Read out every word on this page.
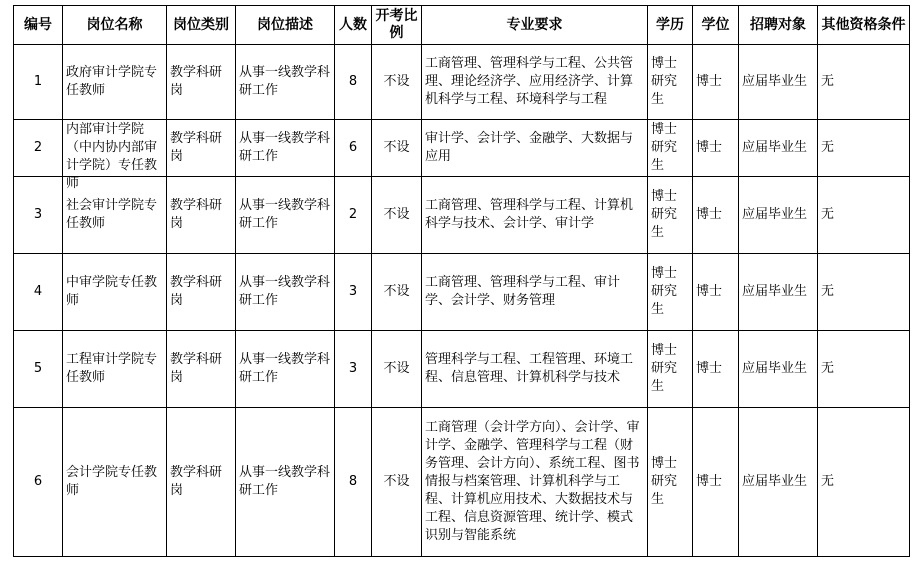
编号	岗位名称	岗位类别	岗位描述	人数	开考比例	专业要求	学历	学位	招聘对象	其他资格条件
1	政府审计学院专任教师	教学科研岗	从事一线教学科研工作	8	不设	工商管理、管理科学与工程、公共管理、理论经济学、应用经济学、计算机科学与工程、环境科学与工程	博士研究生	博士	应届毕业生	无
2	内部审计学院（中内协内部审计学院）专任教师	教学科研岗	从事一线教学科研工作	6	不设	审计学、会计学、金融学、大数据与应用	博士研究生	博士	应届毕业生	无
3	社会审计学院专任教师	教学科研岗	从事一线教学科研工作	2	不设	工商管理、管理科学与工程、计算机科学与技术、会计学、审计学	博士研究生	博士	应届毕业生	无
4	中审学院专任教师	教学科研岗	从事一线教学科研工作	3	不设	工商管理、管理科学与工程、审计学、会计学、财务管理	博士研究生	博士	应届毕业生	无
5	工程审计学院专任教师	教学科研岗	从事一线教学科研工作	3	不设	管理科学与工程、工程管理、环境工程、信息管理、计算机科学与技术	博士研究生	博士	应届毕业生	无
6	会计学院专任教师	教学科研岗	从事一线教学科研工作	8	不设	工商管理（会计学方向）、会计学、审计学、金融学、管理科学与工程（财务管理、会计方向）、系统工程、图书情报与档案管理、计算机科学与工程、计算机应用技术、大数据技术与工程、信息资源管理、统计学、模式识别与智能系统	博士研究生	博士	应届毕业生	无
